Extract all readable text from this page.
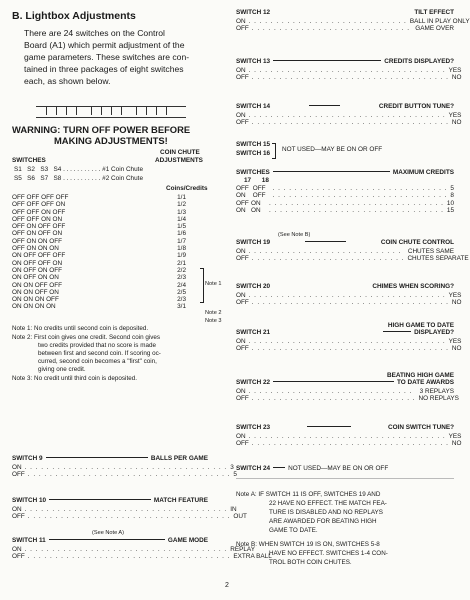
B. Lightbox Adjustments
There are 24 switches on the Control
Board (A1) which permit adjustment of the
game parameters. These switches are con-
tained in three packages of eight switches
each, as shown below.
WARNING: TURN OFF POWER BEFORE
MAKING ADJUSTMENTS!
COIN CHUTE
ADJUSTMENTS
SWITCHES
S1 S2 S3 S4 . . . . . . . . . . . #1 Coin Chute
S5 S6 S7 S8 . . . . . . . . . . . #2 Coin Chute
Coins/Credits
OFF OFF OFF OFF	1/1
OFF OFF OFF ON	1/2
OFF OFF ON OFF	1/3
OFF OFF ON ON	1/4
OFF ON OFF OFF	1/5
OFF ON OFF ON	1/6
OFF ON ON OFF	1/7
OFF ON ON ON	1/8
ON OFF OFF OFF	1/9
ON OFF OFF ON	2/1
ON OFF ON OFF	2/2
ON OFF ON ON	2/3
ON ON OFF OFF	2/4
ON ON OFF ON	2/5
ON ON ON OFF	2/3
ON ON ON ON	3/1
Note 1
Note 2
Note 3
Note 1: No credits until second coin is deposited.
Note 2: First coin gives one credit. Second coin gives
two credits provided that no score is made
between first and second coin. If scoring oc-
curred, second coin becomes a "first" coin,
giving one credit.
Note 3: No credit until third coin is deposited.
SWITCH 9	BALLS PER GAME
ON . . . . . . . . . . . . . . . . . . . . . . . . . . . . . . . . . . . . . 3
OFF . . . . . . . . . . . . . . . . . . . . . . . . . . . . . . . . . . . . . 5
SWITCH 10	MATCH FEATURE
ON . . . . . . . . . . . . . . . . . . . . . . . . . . . . . . . . . . . . . IN
OFF . . . . . . . . . . . . . . . . . . . . . . . . . . . . . . . . . . . . . OUT
(See Note A)
SWITCH 11	GAME MODE
ON . . . . . . . . . . . . . . . . . . . . . . . . . . . . . . . . . . . . . REPLAY
OFF . . . . . . . . . . . . . . . . . . . . . . . . . . . . . . . . . . . . . EXTRA BALL
2
SWITCH 12	TILT EFFECT
ON . . . . . . . . . . . . . . . . . . . . . . . . . . . . . BALL IN PLAY ONLY
OFF . . . . . . . . . . . . . . . . . . . . . . . . . . . . . GAME OVER
SWITCH 13	CREDITS DISPLAYED?
ON . . . . . . . . . . . . . . . . . . . . . . . . . . . . . . . . . . . . YES
OFF . . . . . . . . . . . . . . . . . . . . . . . . . . . . . . . . . . . . NO
SWITCH 14	CREDIT BUTTON TUNE?
ON . . . . . . . . . . . . . . . . . . . . . . . . . . . . . . . . . . . . YES
OFF . . . . . . . . . . . . . . . . . . . . . . . . . . . . . . . . . . . . NO
SWITCH 15
SWITCH 16
NOT USED—MAY BE ON OR OFF
SWITCHES	MAXIMUM CREDITS
17 18
OFF OFF	. . . . . . . . . . . . . . . . . . . . . . . . . . . . . . . . 5
ON	OFF	. . . . . . . . . . . . . . . . . . . . . . . . . . . . . . . . 8
OFF ON	. . . . . . . . . . . . . . . . . . . . . . . . . . . . . . . . 10
ON ON	. . . . . . . . . . . . . . . . . . . . . . . . . . . . . . . . 15
(See Note B)
SWITCH 19	COIN CHUTE CONTROL
ON . . . . . . . . . . . . . . . . . . . . . . . . . . . .	CHUTES SAME
OFF . . . . . . . . . . . . . . . . . . . . . . . . . . . . CHUTES SEPARATE
SWITCH 20	CHIMES WHEN SCORING?
ON . . . . . . . . . . . . . . . . . . . . . . . . . . . . . . . . . . . . YES
OFF . . . . . . . . . . . . . . . . . . . . . . . . . . . . . . . . . . . . NO
HIGH GAME TO DATE
SWITCH 21	DISPLAYED?
ON . . . . . . . . . . . . . . . . . . . . . . . . . . . . . . . . . . . . YES
OFF . . . . . . . . . . . . . . . . . . . . . . . . . . . . . . . . . . . . NO
BEATING HIGH GAME
SWITCH 22	TO DATE AWARDS
ON . . . . . . . . . . . . . . . . . . . . . . . . . . . . . .	3 REPLAYS
OFF . . . . . . . . . . . . . . . . . . . . . . . . . . . . . . NO REPLAYS
SWITCH 23	COIN SWITCH TUNE?
ON . . . . . . . . . . . . . . . . . . . . . . . . . . . . . . . . . . . . YES
OFF . . . . . . . . . . . . . . . . . . . . . . . . . . . . . . . . . . . . NO
SWITCH 24	NOT USED—MAY BE ON OR OFF
Note A: IF SWITCH 11 IS OFF, SWITCHES 19 AND
22 HAVE NO EFFECT. THE MATCH FEA-
TURE IS DISABLED AND NO REPLAYS
ARE AWARDED FOR BEATING HIGH
GAME TO DATE.
Note B: WHEN SWITCH 19 IS ON, SWITCHES 5-8
HAVE NO EFFECT. SWITCHES 1-4 CON-
TROL BOTH COIN CHUTES.
